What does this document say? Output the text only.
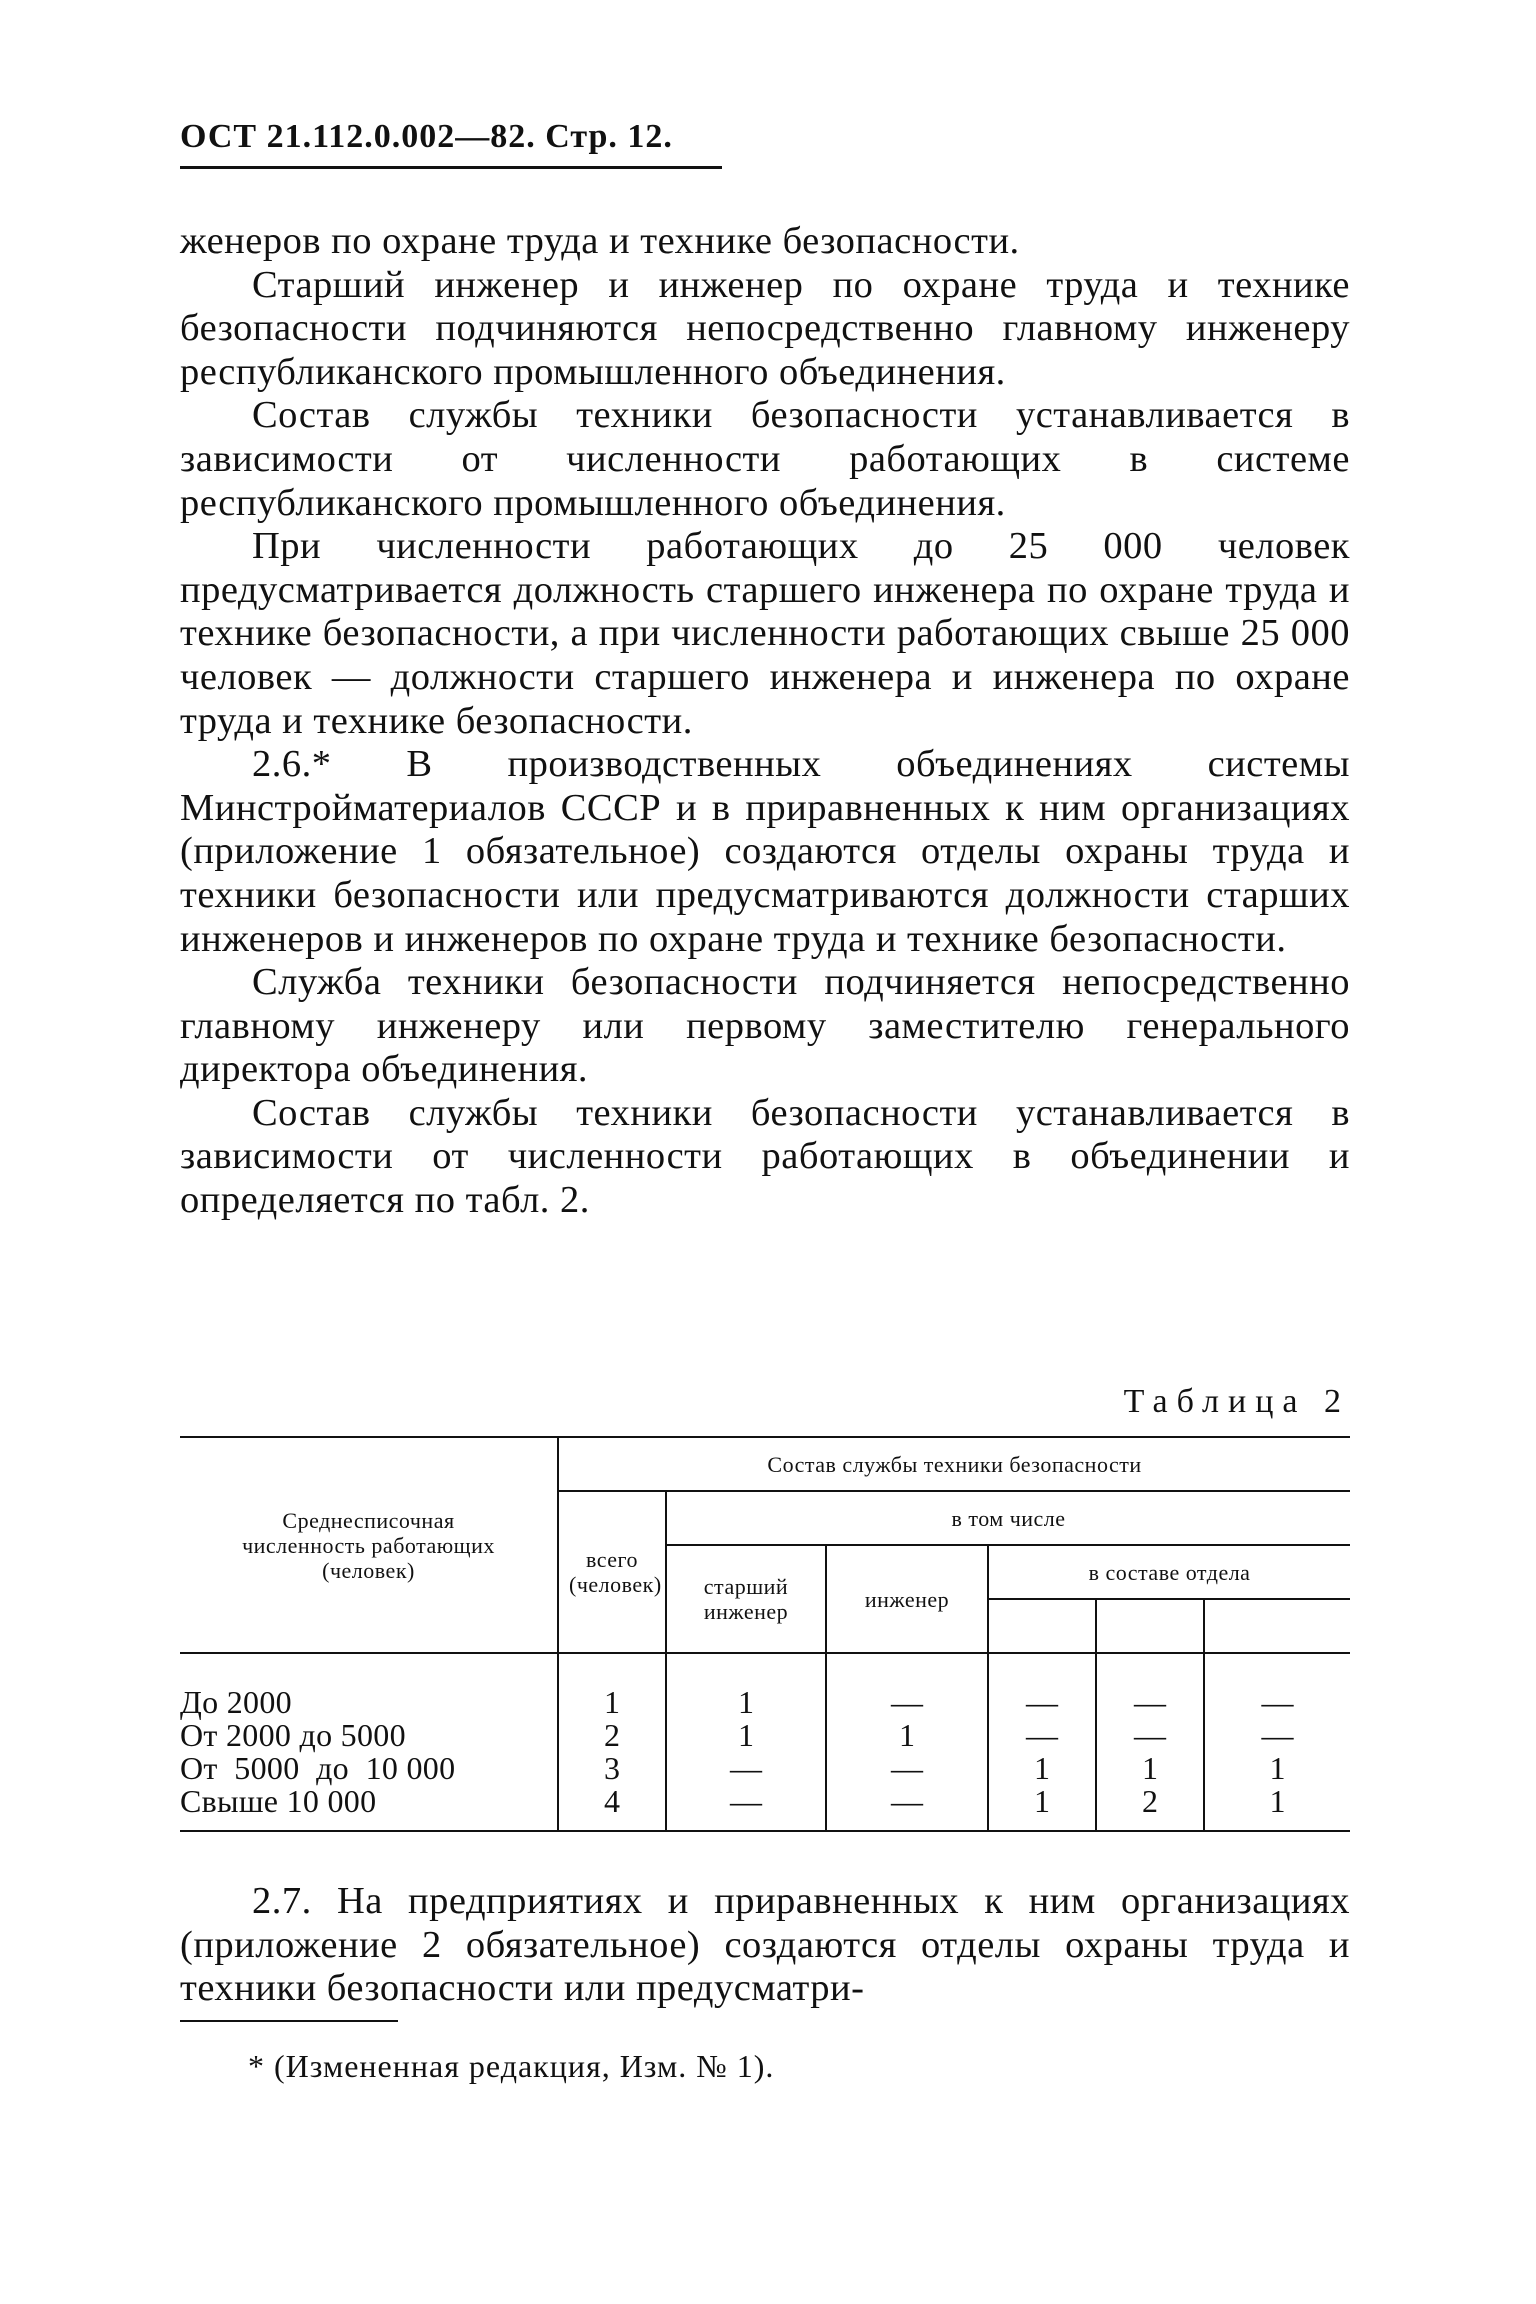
ОСТ 21.112.0.002—82. Стр. 12.

женеров по охране труда и технике безопасности.

Старший инженер и инженер по охране труда и технике безопасности подчиняются непосредственно главному инженеру республиканского промышленного объединения.

Состав службы техники безопасности устанавливается в зависимости от численности работающих в системе республиканского промышленного объединения.

При численности работающих до 25 000 человек предусматривается должность старшего инженера по охране труда и технике безопасности, а при численности работающих свыше 25 000 человек — должности старшего инженера и инженера по охране труда и технике безопасности.

2.6.* В производственных объединениях системы Минстройматериалов СССР и в приравненных к ним организациях (приложение 1 обязательное) создаются отделы охраны труда и техники безопасности или предусматриваются должности старших инженеров и инженеров по охране труда и технике безопасности.

Служба техники безопасности подчиняется непосредственно главному инженеру или первому заместителю генерального директора объединения.

Состав службы техники безопасности устанавливается в зависимости от численности работающих в объединении и определяется по табл. 2.

Таблица 2
Среднесписочная численность работающих (человек)	Состав службы техники безопасности					
	всего (человек)	в том числе				
		старший инженер	инженер	в составе отдела		

До 2000	1	1	—	—	—	—
От 2000 до 5000	2	1	1	—	—	—
От  5000  до  10 000	3	—	—	1	1	1
Свыше 10 000	4	—	—	1	2	1

2.7. На предприятиях и приравненных к ним организациях (приложение 2 обязательное) создаются отделы охраны труда и техники безопасности или предусматри-

* (Измененная редакция, Изм. № 1).
